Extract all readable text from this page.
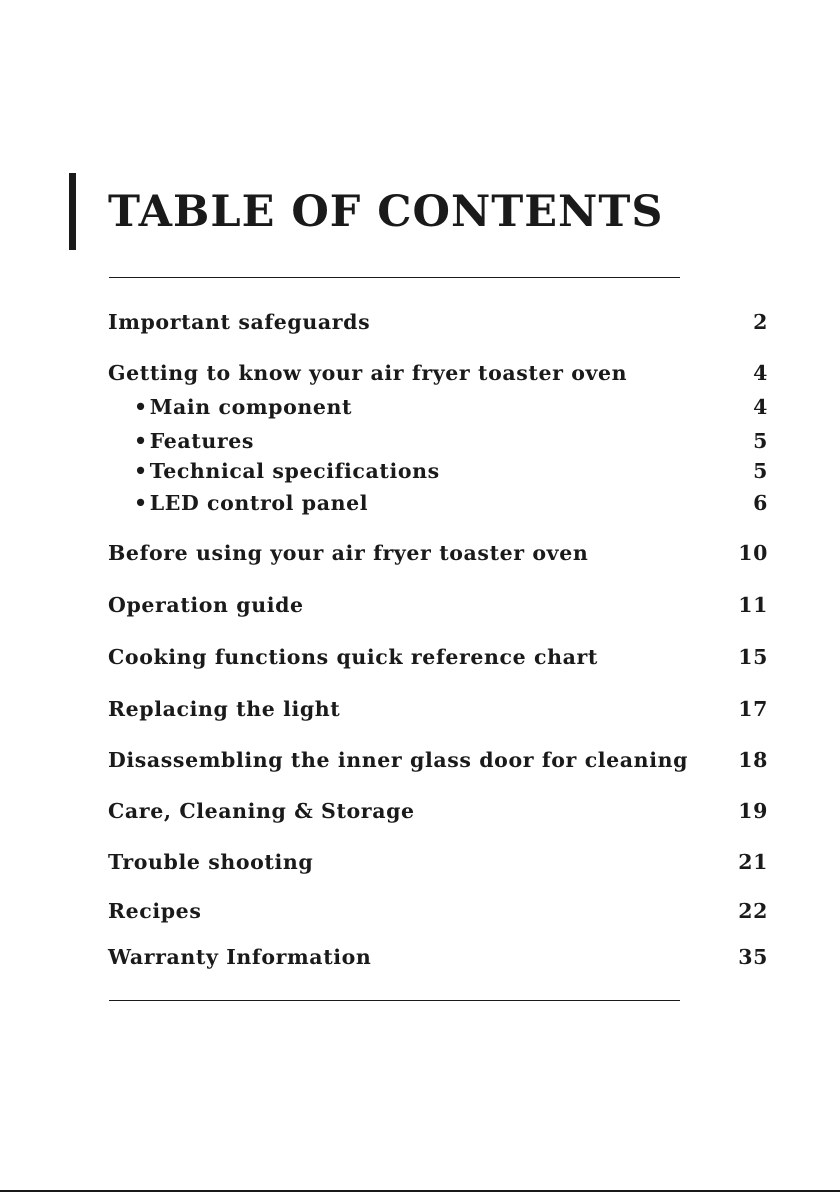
TABLE OF CONTENTS
Important safeguards	2
Getting to know your air fryer toaster oven	4
•Main component	4
•Features	5
•Technical specifications	5
•LED control panel	6
Before using your air fryer toaster oven	10
Operation guide	11
Cooking functions quick reference chart	15
Replacing the light	17
Disassembling the inner glass door for cleaning 18
Care, Cleaning & Storage	19
Trouble shooting	21
Recipes	22
Warranty Information	35
